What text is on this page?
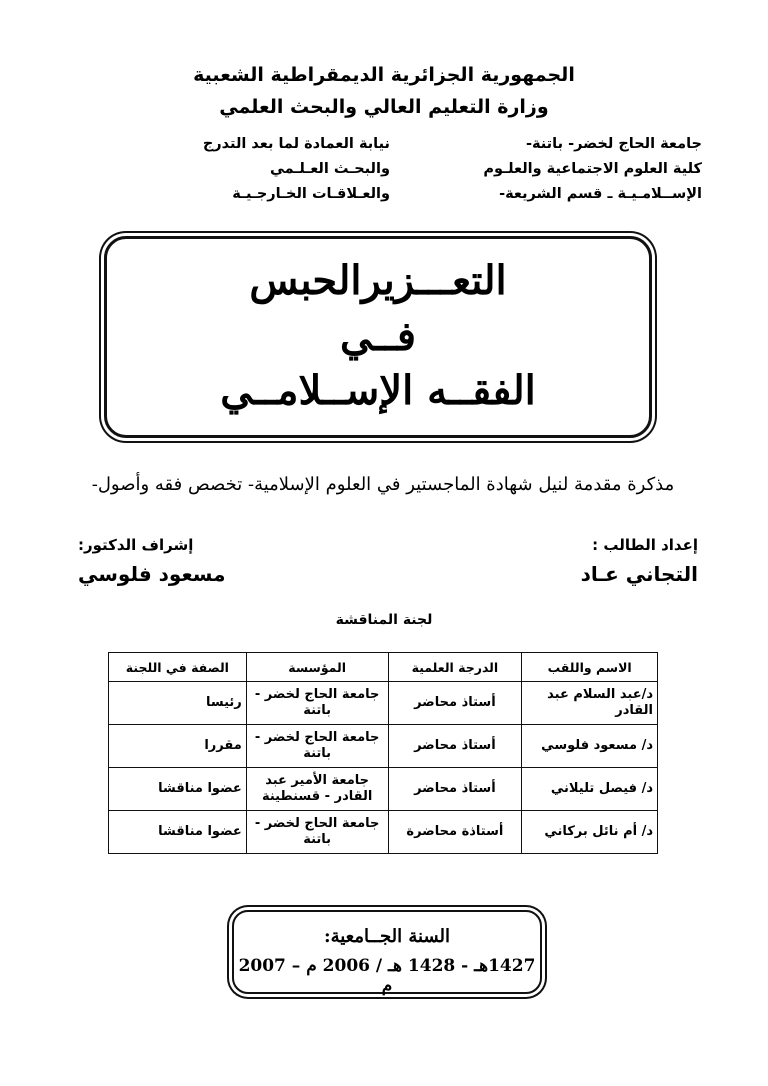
الجمهورية الجزائرية الديمقراطية الشعبية
وزارة التعليم العالي والبحث العلمي
جامعة الحاج لخضر- باتنة-
كلية العلوم الاجتماعية والعلـوم
الإســلامـيـة ـ قسم الشريعة-
نيابة العمادة لما بعد التدرج
والبحـث العـلـمي
والعـلاقـات الخـارجـيـة
التعـــزيرالحبس
فــي
الفقــه الإســلامــي
مذكرة مقدمة لنيل شهادة الماجستير في العلوم الإسلامية- تخصص فقه وأصول-
إعداد الطالب :
التجاني عـاد
إشراف الدكتور:
مسعود فلوسي
لجنة المناقشة
الاسم واللقب	الدرجة العلمية	المؤسسة	الصفة في اللجنة
د/عبد السلام عبد القادر	أستاذ محاضر	جامعة الحاج لخضر - باتنة	رئيسا
د/ مسعود فلوسي	أستاذ محاضر	جامعة الحاج لخضر - باتنة	مقررا
د/ فيصل تليلاني	أستاذ محاضر	جامعة الأمير عبد القادر - قسنطينة	عضوا مناقشا
د/ أم نائل بركاني	أستاذة محاضرة	جامعة الحاج لخضر - باتنة	عضوا مناقشا
السنة الجــامعية:
1427هـ - 1428 هـ / 2006 م – 2007 م
